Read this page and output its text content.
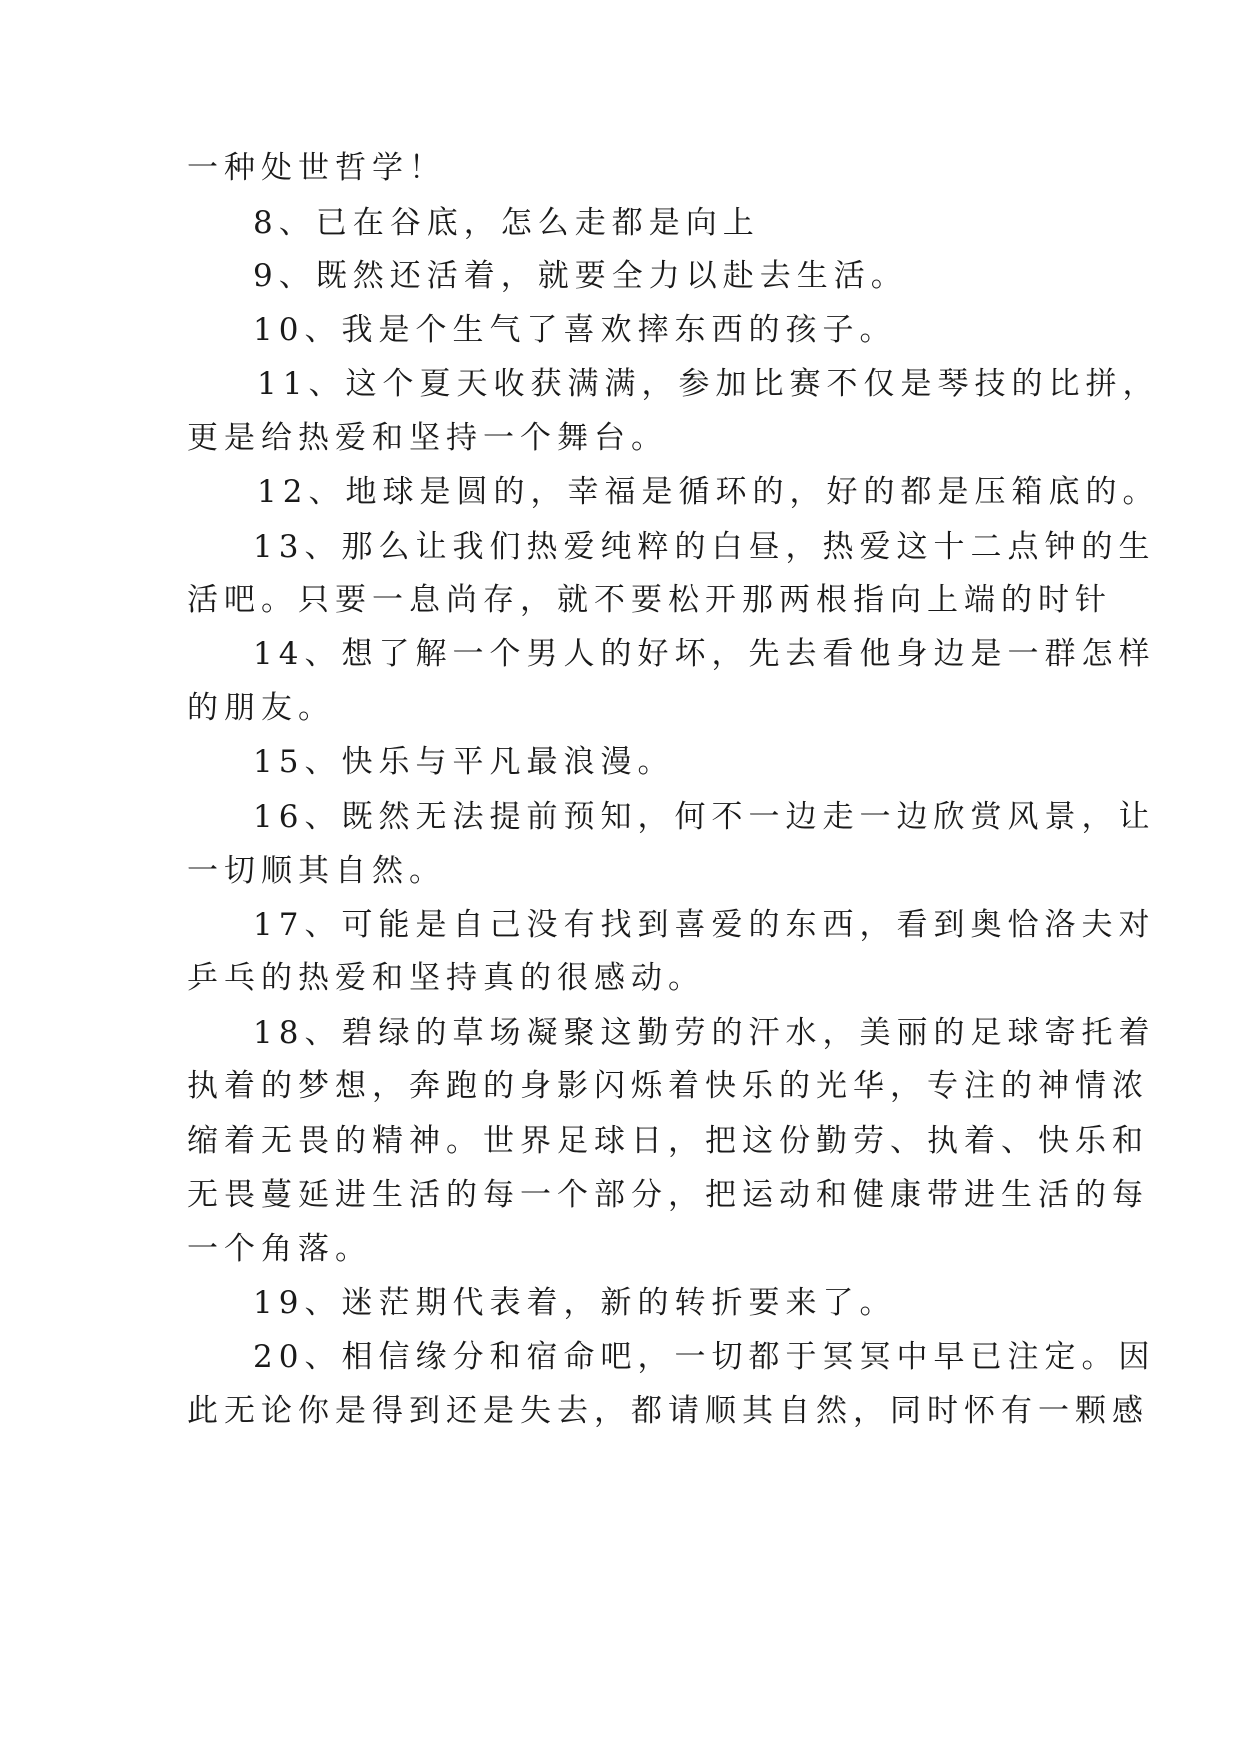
一种处世哲学！
8、已在谷底，怎么走都是向上
9、既然还活着，就要全力以赴去生活。
10、我是个生气了喜欢摔东西的孩子。
11、这个夏天收获满满，参加比赛不仅是琴技的比拼，
更是给热爱和坚持一个舞台。
12、地球是圆的，幸福是循环的，好的都是压箱底的。
13、那么让我们热爱纯粹的白昼，热爱这十二点钟的生
活吧。只要一息尚存，就不要松开那两根指向上端的时针
14、想了解一个男人的好坏，先去看他身边是一群怎样
的朋友。
15、快乐与平凡最浪漫。
16、既然无法提前预知，何不一边走一边欣赏风景，让
一切顺其自然。
17、可能是自己没有找到喜爱的东西，看到奥恰洛夫对
乒乓的热爱和坚持真的很感动。
18、碧绿的草场凝聚这勤劳的汗水，美丽的足球寄托着
执着的梦想，奔跑的身影闪烁着快乐的光华，专注的神情浓
缩着无畏的精神。世界足球日，把这份勤劳、执着、快乐和
无畏蔓延进生活的每一个部分，把运动和健康带进生活的每
一个角落。
19、迷茫期代表着，新的转折要来了。
20、相信缘分和宿命吧，一切都于冥冥中早已注定。因
此无论你是得到还是失去，都请顺其自然，同时怀有一颗感
